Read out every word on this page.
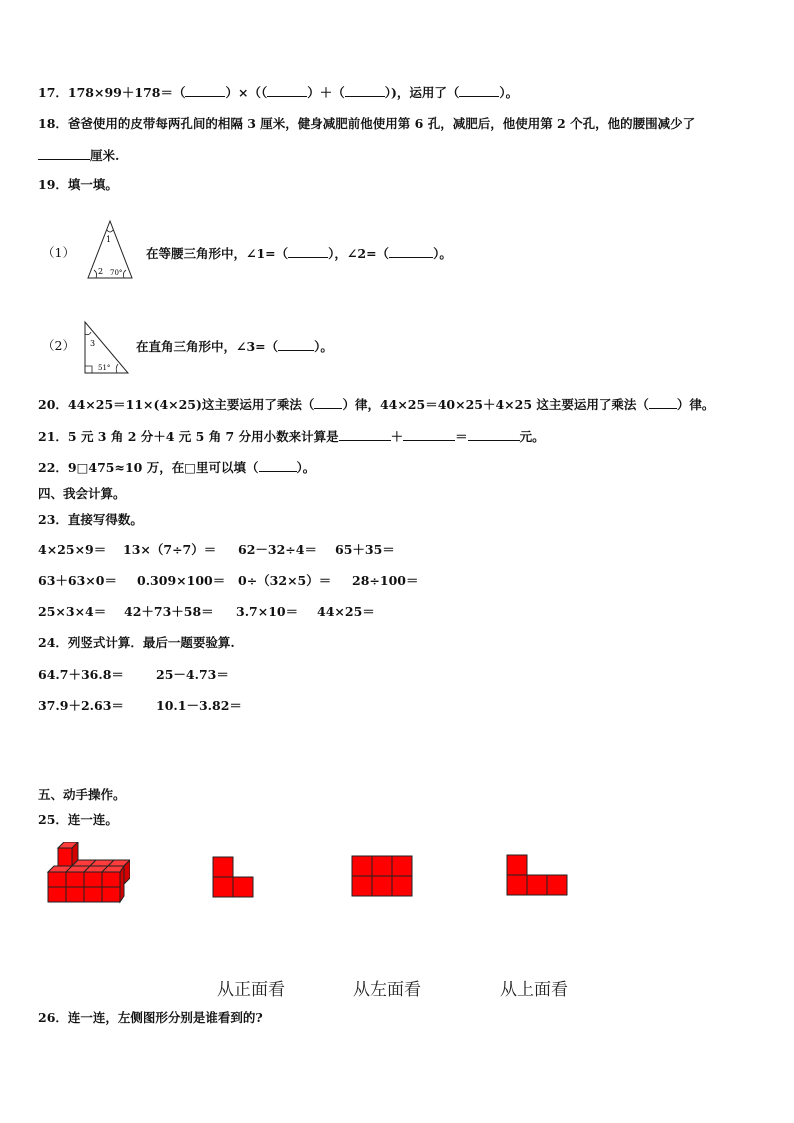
17．178×99＋178＝（	）×（（	）＋（	）)，运用了（	）。
18．爸爸使用的皮带每两孔间的相隔 3 厘米，健身减肥前他使用第 6 孔，减肥后，他使用第 2 个孔，他的腰围减少了
厘米.
19．填一填。
（1）
1
2 70°
在等腰三角形中，∠1=（	），∠2=（	）。
（2） 3
51°
在直角三角形中，∠3=（	）。
20．44×25＝11×(4×25)这主要运用了乘法（ ）律，44×25＝40×25＋4×25 这主要运用了乘法（ ）律。
21．5 元 3 角 2 分＋4 元 5 角 7 分用小数来计算是	＋	＝	元。
22．9□475≈10 万，在□里可以填（	）。
四、我会计算。
23．直接写得数。
4×25×9＝ 13×（7÷7）＝ 62－32÷4＝ 65＋35＝
63＋63×0＝ 0.309×100＝ 0÷（32×5）＝ 28÷100＝
25×3×4＝ 42＋73＋58＝ 3.7×10＝ 44×25＝
24．列竖式计算．最后一题要验算.
64.7＋36.8＝	25－4.73＝
37.9＋2.63＝	10.1－3.82＝
五、动手操作。
25．连一连。
从正面看	从左面看	从上面看
26．连一连，左侧图形分别是谁看到的?
